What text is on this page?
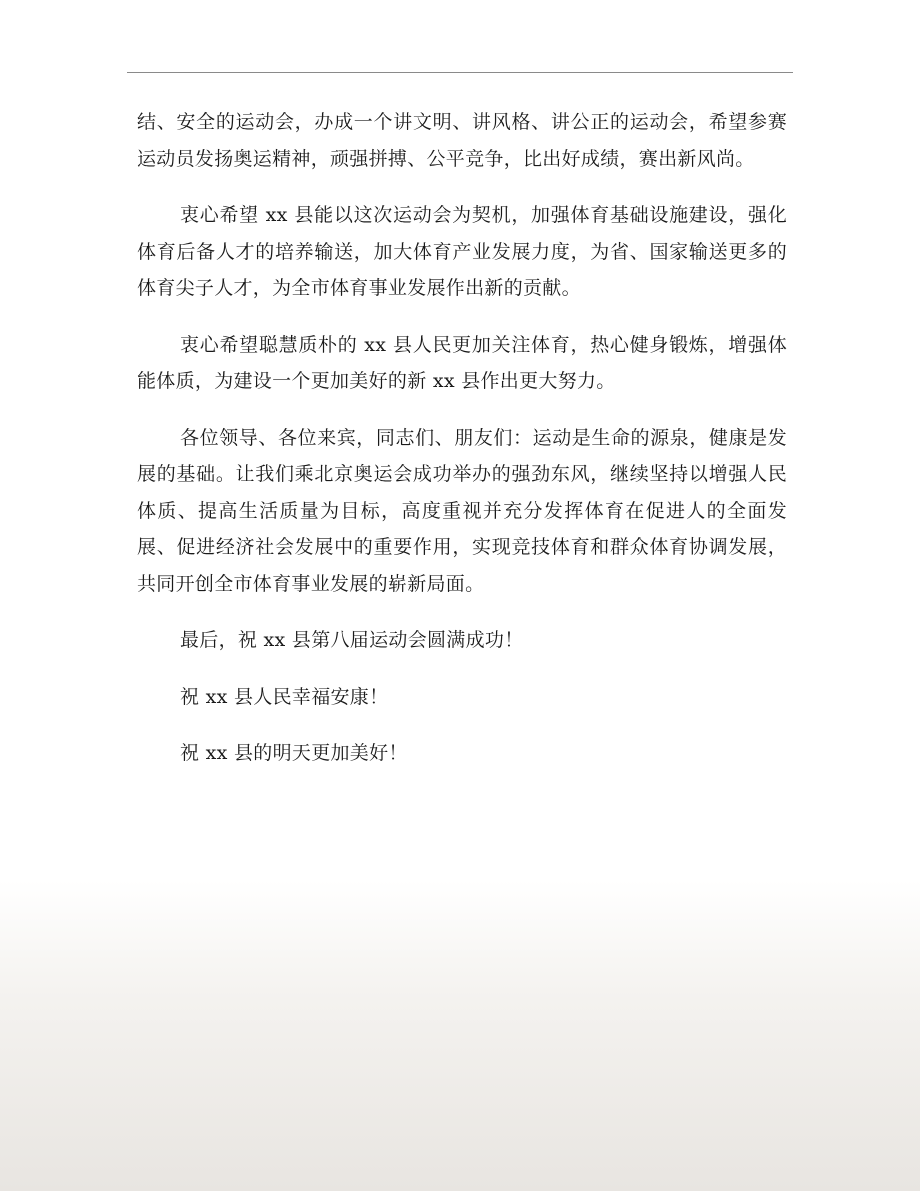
结、安全的运动会，办成一个讲文明、讲风格、讲公正的运动会，希望参赛运动员发扬奥运精神，顽强拼搏、公平竞争，比出好成绩，赛出新风尚。

衷心希望 xx 县能以这次运动会为契机，加强体育基础设施建设，强化体育后备人才的培养输送，加大体育产业发展力度，为省、国家输送更多的体育尖子人才，为全市体育事业发展作出新的贡献。

衷心希望聪慧质朴的 xx 县人民更加关注体育，热心健身锻炼，增强体能体质，为建设一个更加美好的新 xx 县作出更大努力。

各位领导、各位来宾，同志们、朋友们：运动是生命的源泉，健康是发展的基础。让我们乘北京奥运会成功举办的强劲东风，继续坚持以增强人民体质、提高生活质量为目标，高度重视并充分发挥体育在促进人的全面发展、促进经济社会发展中的重要作用，实现竞技体育和群众体育协调发展，共同开创全市体育事业发展的崭新局面。

最后，祝 xx 县第八届运动会圆满成功！

祝 xx 县人民幸福安康！

祝 xx 县的明天更加美好！
